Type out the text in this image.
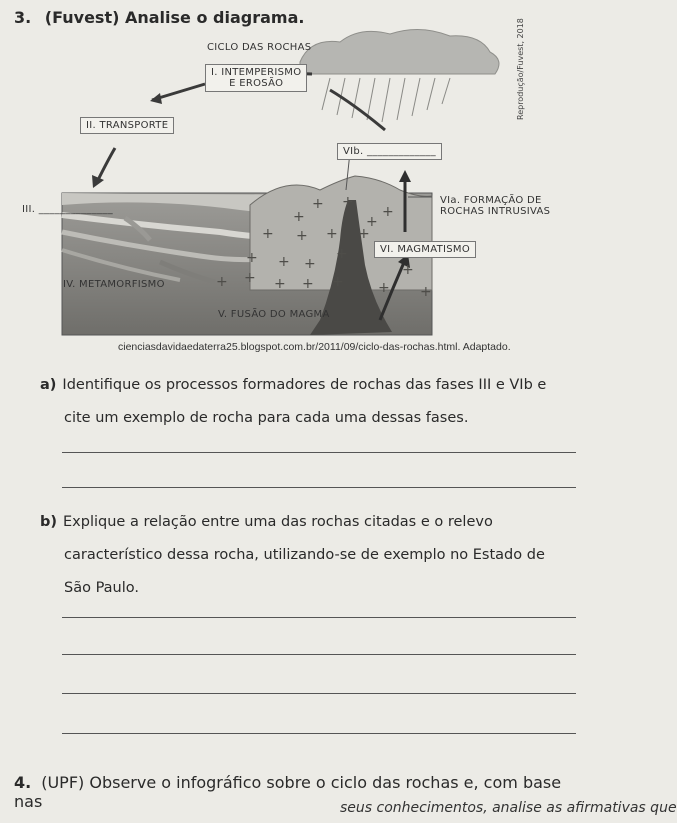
3. (Fuvest) Analise o diagrama.
+ +
+
+	+
+ + + +
+ + +
+
+ + + + +
+
+ +
CICLO DAS ROCHAS
I. INTEMPERISMO
E EROSÃO
II. TRANSPORTE
III. ______________
IV. METAMORFISMO
V. FUSÃO DO MAGMA
VI. MAGMATISMO
VIa. FORMAÇÃO DE
ROCHAS INTRUSIVAS
VIb. _____________
Reprodução/Fuvest, 2018
cienciasdavidaedaterra25.blogspot.com.br/2011/09/ciclo-das-rochas.html. Adaptado.
a) Identifique os processos formadores de rochas das fases III e VIb e
cite um exemplo de rocha para cada uma dessas fases.
b) Explique a relação entre uma das rochas citadas e o relevo
característico dessa rocha, utilizando-se de exemplo no Estado de
São Paulo.
4. (UPF) Observe o infográfico sobre o ciclo das rochas e, com base nas	seus conhecimentos, analise as afirmativas que
